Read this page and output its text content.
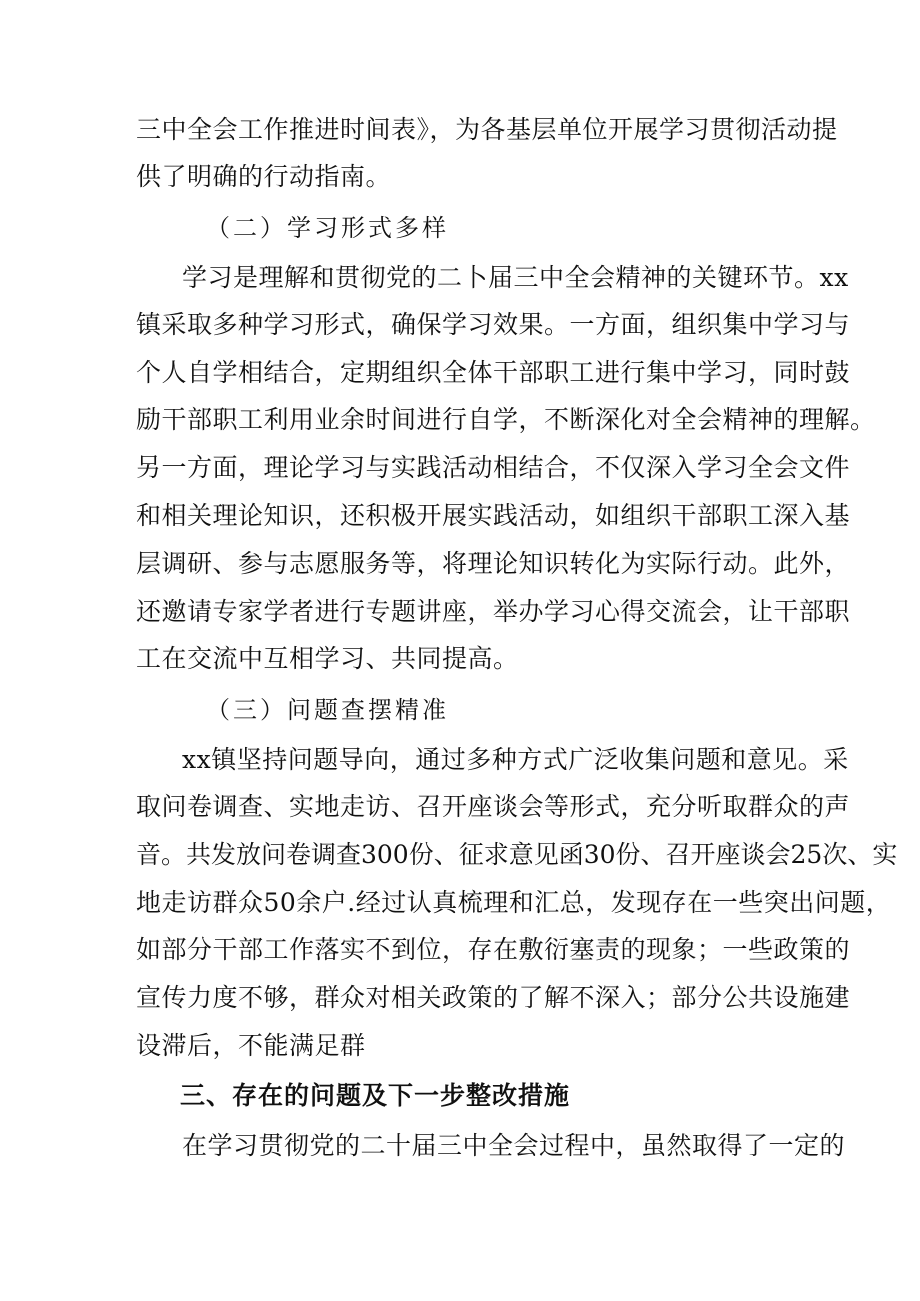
三中全会工作推进时间表》，为各基层单位开展学习贯彻活动提
供了明确的行动指南。
（二）学习形式多样
学习是理解和贯彻党的二卜届三中全会精神的关键环节。xx
镇采取多种学习形式，确保学习效果。一方面，组织集中学习与
个人自学相结合，定期组织全体干部职工进行集中学习，同时鼓
励干部职工利用业余时间进行自学，不断深化对全会精神的理解。
另一方面，理论学习与实践活动相结合，不仅深入学习全会文件
和相关理论知识，还积极开展实践活动，如组织干部职工深入基
层调研、参与志愿服务等，将理论知识转化为实际行动。此外，
还邀请专家学者进行专题讲座，举办学习心得交流会，让干部职
工在交流中互相学习、共同提高。
（三）问题查摆精准
xx镇坚持问题导向，通过多种方式广泛收集问题和意见。采
取问卷调查、实地走访、召开座谈会等形式，充分听取群众的声
音。共发放问卷调查300份、征求意见函30份、召开座谈会25次、实
地走访群众50余户.经过认真梳理和汇总，发现存在一些突出问题，
如部分干部工作落实不到位，存在敷衍塞责的现象；一些政策的
宣传力度不够，群众对相关政策的了解不深入；部分公共设施建
设滞后，不能满足群
三、存在的问题及下一步整改措施
在学习贯彻党的二十届三中全会过程中，虽然取得了一定的
